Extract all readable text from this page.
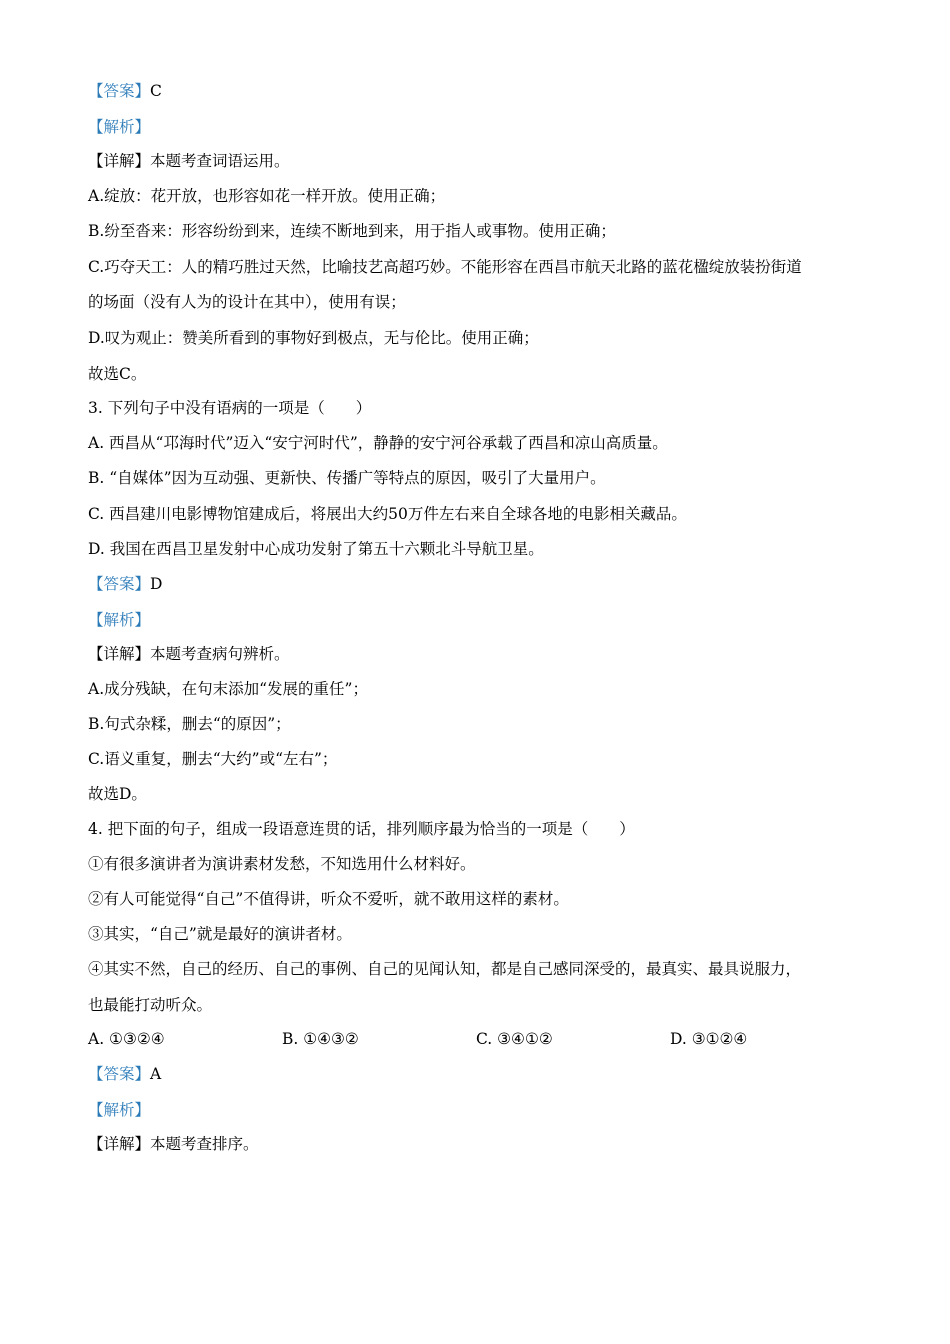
【答案】C
【解析】
【详解】本题考查词语运用。
A.绽放：花开放，也形容如花一样开放。使用正确；
B.纷至沓来：形容纷纷到来，连续不断地到来，用于指人或事物。使用正确；
C.巧夺天工：人的精巧胜过天然，比喻技艺高超巧妙。不能形容在西昌市航天北路的蓝花楹绽放装扮街道
的场面（没有人为的设计在其中），使用有误；
D.叹为观止：赞美所看到的事物好到极点，无与伦比。使用正确；
故选C。
3. 下列句子中没有语病的一项是（　　）
A. 西昌从“邛海时代”迈入“安宁河时代”，静静的安宁河谷承载了西昌和凉山高质量。
B. “自媒体”因为互动强、更新快、传播广等特点的原因，吸引了大量用户。
C. 西昌建川电影博物馆建成后，将展出大约50万件左右来自全球各地的电影相关藏品。
D. 我国在西昌卫星发射中心成功发射了第五十六颗北斗导航卫星。
【答案】D
【解析】
【详解】本题考查病句辨析。
A.成分残缺，在句末添加“发展的重任”；
B.句式杂糅，删去“的原因”；
C.语义重复，删去“大约”或“左右”；
故选D。
4. 把下面的句子，组成一段语意连贯的话，排列顺序最为恰当的一项是（　　）
①有很多演讲者为演讲素材发愁，不知选用什么材料好。
②有人可能觉得“自己”不值得讲，听众不爱听，就不敢用这样的素材。
③其实，“自己”就是最好的演讲者材。
④其实不然，自己的经历、自己的事例、自己的见闻认知，都是自己感同深受的，最真实、最具说服力，
也最能打动听众。
A. ①③②④	B. ①④③②	C. ③④①②	D. ③①②④
【答案】A
【解析】
【详解】本题考查排序。
